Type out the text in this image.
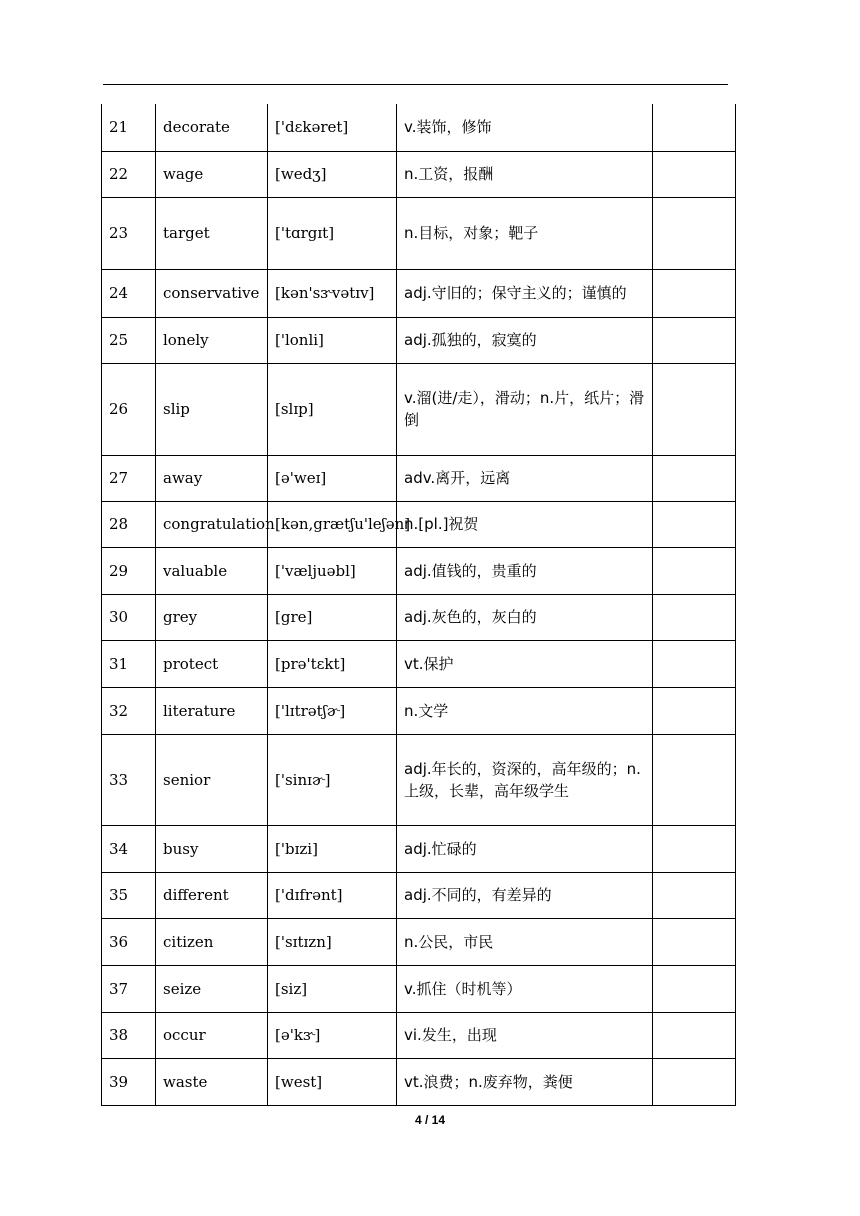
21	decorate	['dɛkəret]	v.装饰，修饰	
22	wage	[wedʒ]	n.工资，报酬	
23	target	['tɑrgɪt]	n.目标，对象；靶子	
24	conservative	[kən'sɝvətɪv]	adj.守旧的；保守主义的；谨慎的	
25	lonely	['lonli]	adj.孤独的，寂寞的	
26	slip	[slɪp]	v.溜(进/走），滑动；n.片，纸片；滑倒	
27	away	[ə'weɪ]	adv.离开，远离	
28	congratulation	[kən,grætʃu'leʃən]	n.[pl.]祝贺	
29	valuable	['væljuəbl]	adj.值钱的，贵重的	
30	grey	[gre]	adj.灰色的，灰白的	
31	protect	[prə'tɛkt]	vt.保护	
32	literature	['lɪtrətʃɚ]	n.文学	
33	senior	['sinɪɚ]	adj.年长的，资深的，高年级的；n.上级，长辈，高年级学生	
34	busy	['bɪzi]	adj.忙碌的	
35	different	['dɪfrənt]	adj.不同的，有差异的	
36	citizen	['sɪtɪzn]	n.公民，市民	
37	seize	[siz]	v.抓住（时机等）	
38	occur	[ə'kɝ]	vi.发生，出现	
39	waste	[west]	vt.浪费；n.废弃物，粪便	
4 / 14
